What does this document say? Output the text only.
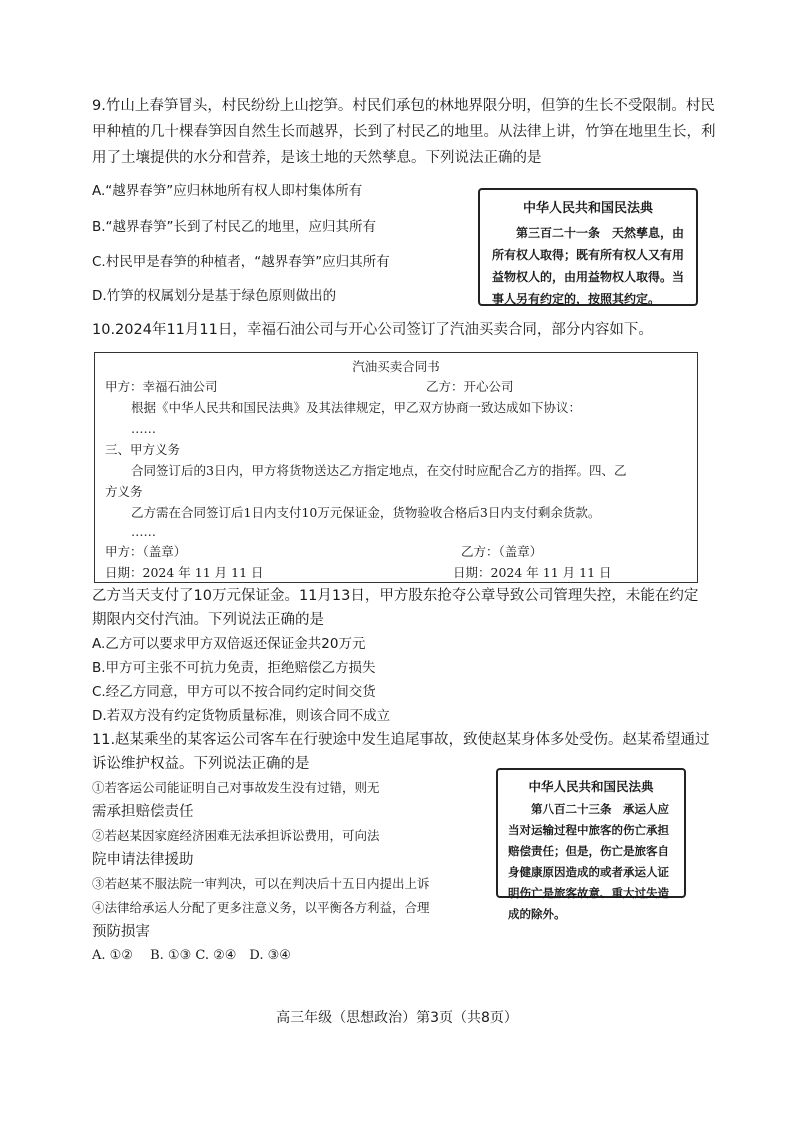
9.竹山上春笋冒头，村民纷纷上山挖笋。村民们承包的林地界限分明，但笋的生长不受限制。村民
甲种植的几十棵春笋因自然生长而越界，长到了村民乙的地里。从法律上讲，竹笋在地里生长，利
用了土壤提供的水分和营养，是该土地的天然孳息。下列说法正确的是
A.“越界春笋”应归林地所有权人即村集体所有
B.“越界春笋”长到了村民乙的地里，应归其所有
C.村民甲是春笋的种植者，“越界春笋”应归其所有
D.竹笋的权属划分是基于绿色原则做出的
中华人民共和国民法典
第三百二十一条　天然孳息，由所有权人取得；既有所有权人又有用益物权人的，由用益物权人取得。当事人另有约定的，按照其约定。
10.2024年11月11日，幸福石油公司与开心公司签订了汽油买卖合同，部分内容如下。
汽油买卖合同书
甲方：幸福石油公司	乙方：开心公司
根据《中华人民共和国民法典》及其法律规定，甲乙双方协商一致达成如下协议：
……
三、甲方义务
合同签订后的3日内，甲方将货物送达乙方指定地点，在交付时应配合乙方的指挥。四、乙
方义务
乙方需在合同签订后1日内支付10万元保证金，货物验收合格后3日内支付剩余货款。
……
甲方：（盖章）	乙方：（盖章）
日期：2024 年 11 月 11 日	日期：2024 年 11 月 11 日
乙方当天支付了10万元保证金。11月13日，甲方股东抢夺公章导致公司管理失控，未能在约定
期限内交付汽油。下列说法正确的是
A.乙方可以要求甲方双倍返还保证金共20万元
B.甲方可主张不可抗力免责，拒绝赔偿乙方损失
C.经乙方同意，甲方可以不按合同约定时间交货
D.若双方没有约定货物质量标准，则该合同不成立
11.赵某乘坐的某客运公司客车在行驶途中发生追尾事故，致使赵某身体多处受伤。赵某希望通过
诉讼维护权益。下列说法正确的是
①若客运公司能证明自己对事故发生没有过错，则无
需承担赔偿责任
②若赵某因家庭经济困难无法承担诉讼费用，可向法
院申请法律援助
③若赵某不服法院一审判决，可以在判决后十五日内提出上诉
④法律给承运人分配了更多注意义务，以平衡各方利益，合理
预防损害
A. ①②　 B. ①③ C. ②④　D. ③④
中华人民共和国民法典
第八百二十三条　承运人应当对运输过程中旅客的伤亡承担赔偿责任；但是，伤亡是旅客自身健康原因造成的或者承运人证明伤亡是旅客故意、重大过失造成的除外。
高三年级（思想政治）第3页（共8页）
